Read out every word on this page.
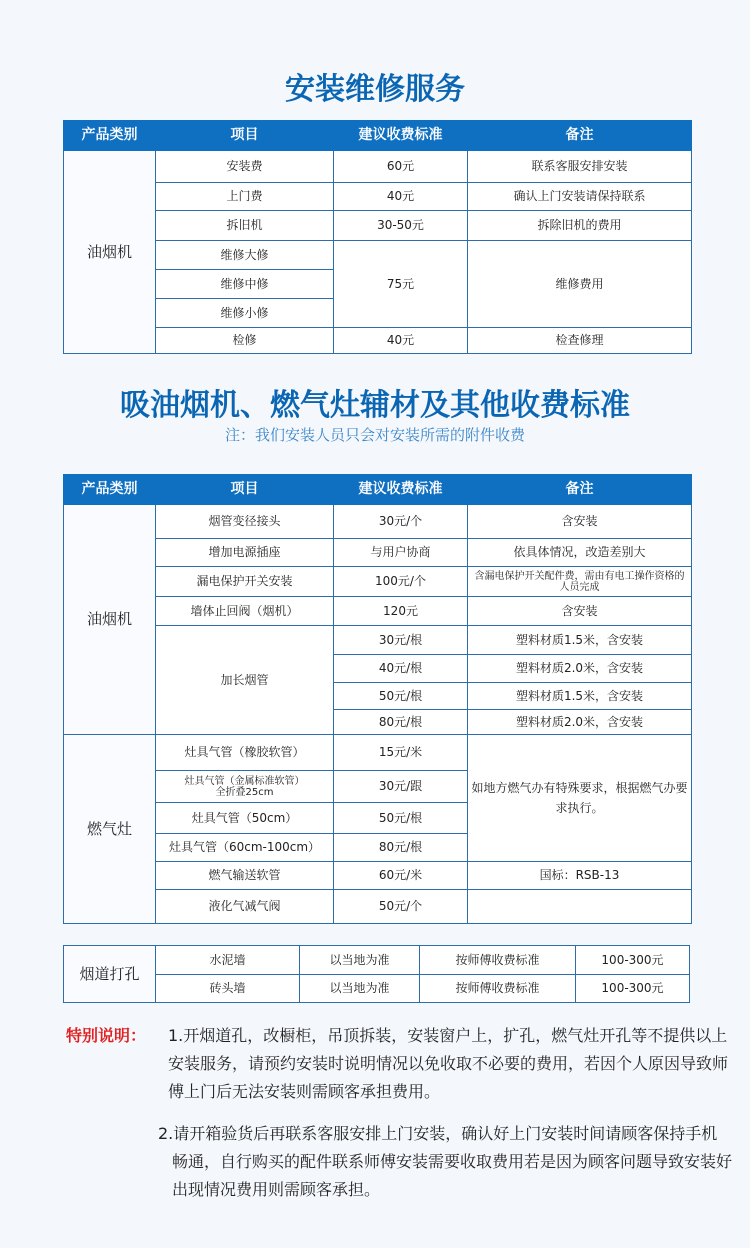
安装维修服务
产品类别	项目	建议收费标准	备注
油烟机	安装费	60元	联系客服安排安装
	上门费	40元	确认上门安装请保持联系
	拆旧机	30-50元	拆除旧机的费用
	维修大修	75元	维修费用
	维修中修		
	维修小修		
	检修	40元	检查修理
吸油烟机、燃气灶辅材及其他收费标准
注：我们安装人员只会对安装所需的附件收费
产品类别	项目	建议收费标准	备注
油烟机	烟管变径接头	30元/个	含安装
	增加电源插座	与用户协商	依具体情况，改造差别大
	漏电保护开关安装	100元/个	含漏电保护开关配件费，需由有电工操作资格的人员完成
	墙体止回阀（烟机）	120元	含安装
	加长烟管	30元/根	塑料材质1.5米，含安装
		40元/根	塑料材质2.0米，含安装
		50元/根	塑料材质1.5米，含安装
		80元/根	塑料材质2.0米，含安装
燃气灶	灶具气管（橡胶软管）	15元/米	如地方燃气办有特殊要求，根据燃气办要求执行。
	灶具气管（金属标准软管）
全折叠25cm	30元/跟	
	灶具气管（50cm）	50元/根	
	灶具气管（60cm-100cm）	80元/根	
	燃气输送软管	60元/米	国标：RSB-13
	液化气减气阀	50元/个	
烟道打孔	水泥墙	以当地为准	按师傅收费标准	100-300元
	砖头墙	以当地为准	按师傅收费标准	100-300元
特别说明：	1.开烟道孔，改橱柜，吊顶拆装，安装窗户上，扩孔，燃气灶开孔等不提供以上安装服务，请预约安装时说明情况以免收取不必要的费用，若因个人原因导致师傅上门后无法安装则需顾客承担费用。
2.请开箱验货后再联系客服安排上门安装，确认好上门安装时间请顾客保持手机畅通，自行购买的配件联系师傅安装需要收取费用若是因为顾客问题导致安装好出现情况费用则需顾客承担。
